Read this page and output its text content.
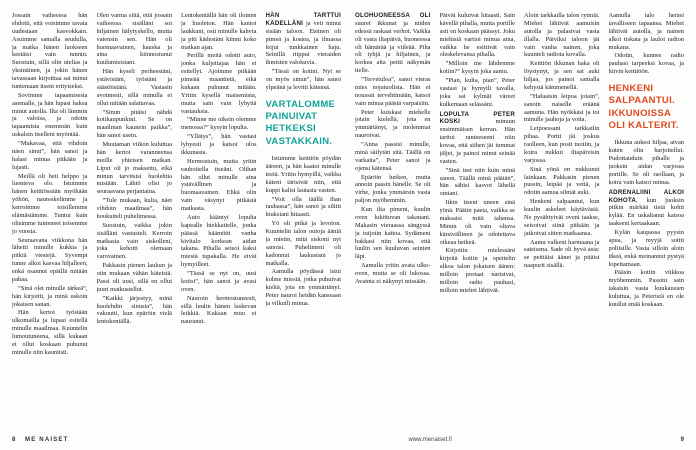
Jossain vaiheessa hän ehdotti, että voisimme tavata uudestaan kasvokkain. Asuimme samalla seudulla, ja matka hänen luokseen kestäisi vain tunnin. Suostuin, sillä olin utelias ja yksinäinen, ja jokin hänen tavassaan kirjoittaa sai minut tuntemaan itseni erityiseksi.

Sovimme tapaamisesta asemalle, ja hän lupasi hakea minut autolla. Ilta oli lämmin ja valoisa, ja odotin tapaamista enemmän kuin uskalsin itselleni myöntää.

”Mukavaa, että vihdoin näen sinut”, hän sanoi ja halasi minua pitkään ja lujasti.

Meillä oli heti helppo ja luonteva olo. Istuimme hänen keittiössään myöhään yöhön, naureskelimme ja kerroimme toisillemme elämästämme. Tuntui kuin olisimme tunteneet toisemme jo vuosia.

Seuraavana viikkona hän lähetti minulle kukkia ja pitkiä viestejä. Syvempi tunne alkoi kasvaa hiljalleen, enkä osannut epäillä mitään pahaa.

”Sinä olet minulle tärkeä”, hän kirjoitti, ja minä uskoin jokaisen sanan.

Hän kertoi työstään ulkomailla ja lupasi esitellä minulle maailmaa. Kuuntelin lumoutuneena, sillä kukaan ei ollut koskaan puhunut minulle niin kauniisti.

Olen varma siitä, että jossain vaiheessa sisälläni soi hiljainen hälytyskello, mutta vaiensin sen. Hän oli huomaavainen, hauska ja aina kiinnostunut kuulumisistani.

Hän kyseli perheestäni, ystävistäni, työstäni ja säästöistäni. Vastasin avoimesti, sillä minulla ei ollut mitään salattavaa.

”Sinun pitäisi nähdä kotikaupunkini. Se on maailman kaunein paikka”, hän sanoi usein.

Muutaman viikon kuluttua hän kertoi varanneensa meille yhteisen matkan. Liput oli jo maksettu, eikä minun tarvitsisi huolehtia mistään. Lähtö olisi jo seuraavana perjantaina.

”Tule mukaan, kulta, näet vihdoin maailmaa”, hän houkutteli puhelimessa.

Suostuin, vaikka jokin sisälläni vastusteli. Kerroin matkasta vain siskolleni, joka kehotti olemaan varovainen.

Pakkasin pienen laukun ja otin mukaan vähän käteistä. Passi oli uusi, sillä en ollut juuri matkustellut.

”Kaikki järjestyy, minä huolehdin sinusta”, hän vakuutti, kun epäröin vielä lentokentällä.

Lentokentällä hän oli iloinen ja huoleton. Hän kantoi laukkuni, osti minulle kahvia ja piti kädestäni kiinni koko matkan ajan.

Perillä meitä odotti auto, jonka kuljettajaa hän ei esitellyt. Ajoimme pitkään pimeää maantietä, eikä kukaan puhunut mitään. Yritin kysellä maisemista, mutta sain vain lyhyitä vastauksia.

”Minne me oikein olemme menossa?” kysyin lopulta.

”Yllätys”, hän vastasi lyhyesti ja katsoi ulos ikkunasta.

Hermostuin, mutta yritin rauhoitella itseäni. Olihan hän ollut minulle aina ystävällinen ja huomaavainen. Ehkä olin vain väsynyt pitkästä matkasta.

Auto kääntyi lopulta kapealle hiekkatielle, jonka päässä häämötti vanha kivitalo korkean aidan takana. Pihalla seisoi kaksi miestä tupakalla. He eivät hymyilleet.

”Tässä se nyt on, uusi kotisi”, hän sanoi ja avasi oven.

Nauroin hermostuneesti, sillä luulin hänen laskevan leikkiä. Kukaan muu ei nauranut.

HÄN TARTTUI KÄDELLÄNI ja veti minut sisään taloon. Eteinen oli pimeä ja kostea, ja ilmassa leijui tunkkainen haju. Seinillä riippui vieraiden ihmisten valokuvia.

”Tässä on kotini. Nyt se on myös sinun”, hän sanoi ylpeänä ja levitti kätensä.

VARTALOMME PAINUIVAT HETKEKSI VASTAKKAIN.

Istuimme keittiön pöydän ääreen, ja hän kaatoi minulle teetä. Yritin hymyillä, vaikka käteni tärisivät niin, että kuppi kalisi lautasta vasten.

”Voit olla täällä ihan rauhassa”, hän sanoi ja silitti hiuksiani hitaasti.

Yö oli pitkä ja levoton. Kuuntelin talon outoja ääniä ja mietin, mitä siskoni nyt sanoisi. Puhelimeni oli kadonnut laukustani jo matkalla.

Aamulla pöydässä istui kolme miestä, jotka puhuivat kieltä, jota en ymmärtänyt. Peter nauroi heidän kanssaan ja vilkuili minua.

OLOHUONEESSA OLI suuret ikkunat ja niiden edessä raskaat verhot. Vaikka oli vasta iltapäivä, huoneessa oli hämärää ja viileää. Piha oli tyhjä ja hiljainen, ja korkea aita peitti näkymän tielle.

”Tervetuloa”, sanoi vieras mies nojatuolista. Hän ei noussut tervehtimään, katsoi vain minua päästä varpaisiin.

Peter kuiskasi miehelle jotain kielellä, jota en ymmärtänyt, ja molemmat nauroivat.

”Anna passisi minulle, minä säilytän sitä. Täällä on varkaita”, Peter sanoi ja ojensi kätensä.

Epäröin hetken, mutta annoin passin hänelle. Se oli virhe, jonka ymmärsin vasta paljon myöhemmin.

Kun ilta pimeni, kuulin oven lukittuvan takanani. Makasin vieraassa sängyssä ja tuijotin kattoa. Sydämeni hakkasi niin kovaa, että luulin sen kuuluvan seinien läpi.

Aamulla yritin avata ulko-oven, mutta se oli lukossa. Avainta ei näkynyt missään.

Päivät kuluivat hitaasti. Sain kävellä pihalla, mutta portille asti en koskaan päässyt. Joku miehistä vartioi minua aina, vaikka he esittivät vain oleskelevansa pihalla.

”Milloin me lähdemme kotiin?” kysyin joka aamu.

”Pian, kulta, pian”, Peter vastasi ja hymyili tavalla, joka sai kylmät väreet kulkemaan selässäni.

LOPULTA PETER KOSKI minuun ensimmäisen kerran. Hän tarttui ranteeseeni niin kovaa, että siihen jäi tummat jäljet, ja painoi minut seinää vasten.

”Sinä teet niin kuin minä sanon. Täällä minä päätän”, hän sähisi kasvot lähellä omiani.

Itkin itseni uneen sinä yönä. Päätin paeta, vaikka se maksaisi mitä tahansa. Minun oli vain oltava kärsivällinen ja odotettava oikeaa hetkeä.

Kirjoitin mielessäni kirjeitä kotiin ja opettelin ulkoa talon jokaisen äänen: milloin portaat narisivat, milloin radio pauhasi, milloin miehet lähtivät.

Aloin tarkkailla talon rytmiä. Miehet lähtivät aamuisin autolla ja palasivat vasta illalla. Päiviksi taloon jäi vain vanha nainen, joka kuunteli radiota kovalla.

Keittiön ikkunan haka oli löystynyt, ja sen sai auki hiljaa, jos painoi samalla kehystä kämmenellä.

”Haluaisin leipoa jotain”, sanoin naiselle eräänä aamuna. Hän nyökkäsi ja toi minulle jauhoja ja voita.

Leipoessani tarkkailin pihaa. Portti jäi joskus raolleen, kun posti tuotiin, ja koira nukkui iltapäivisin varjossa.

Sinä yönä en nukkunut lainkaan. Pakkasin pienen pussin, leipää ja vettä, ja odotin aamua silmät auki.

Henkeni salpaantui, kun kuulin askeleet käytävästä. Ne pysähtyivät oveni taakse, seisoivat siinä pitkään ja jatkoivat sitten matkaansa.

Aamu valkeni harmaana ja sateisena. Sade oli hyvä asia: se peittäisi äänet ja pitäisi naapurit sisällä.

Aamulla talo heräsi tavalliseen tapaansa. Miehet lähtivät autolla, ja nainen alkoi tiskata ja lauloi radion mukana.

Odotin, kunnes radio pauhasi tarpeeksi kovaa, ja hiivin keittiöön.

HENKENI SALPAANTUI. IKKUNOISSA OLI KALTERIT.

Ikkuna aukesi hiljaa, aivan kuten olin harjoitellut. Pudottauduin pihalle ja juoksin aidan varjossa portille. Se oli raollaan, ja koira vain katsoi minua.

ADRENALIINI ALKOI KOHOTA, kun juoksin pitkin märkää tietä kohti kylää. En uskaltanut katsoa taakseni kertaakaan.

Kylän kaupassa pyysin apua, ja myyjä soitti poliisille. Vasta silloin aloin itkeä, enkä meinannut pystyä lopettamaan.

Pääsin kotiin viikkoa myöhemmin. Passini sain takaisin vasta kuukausien kuluttua, ja Peteristä en ole kuullut enää koskaan.

8 ME NAISET	www.menaiset.fi	9
